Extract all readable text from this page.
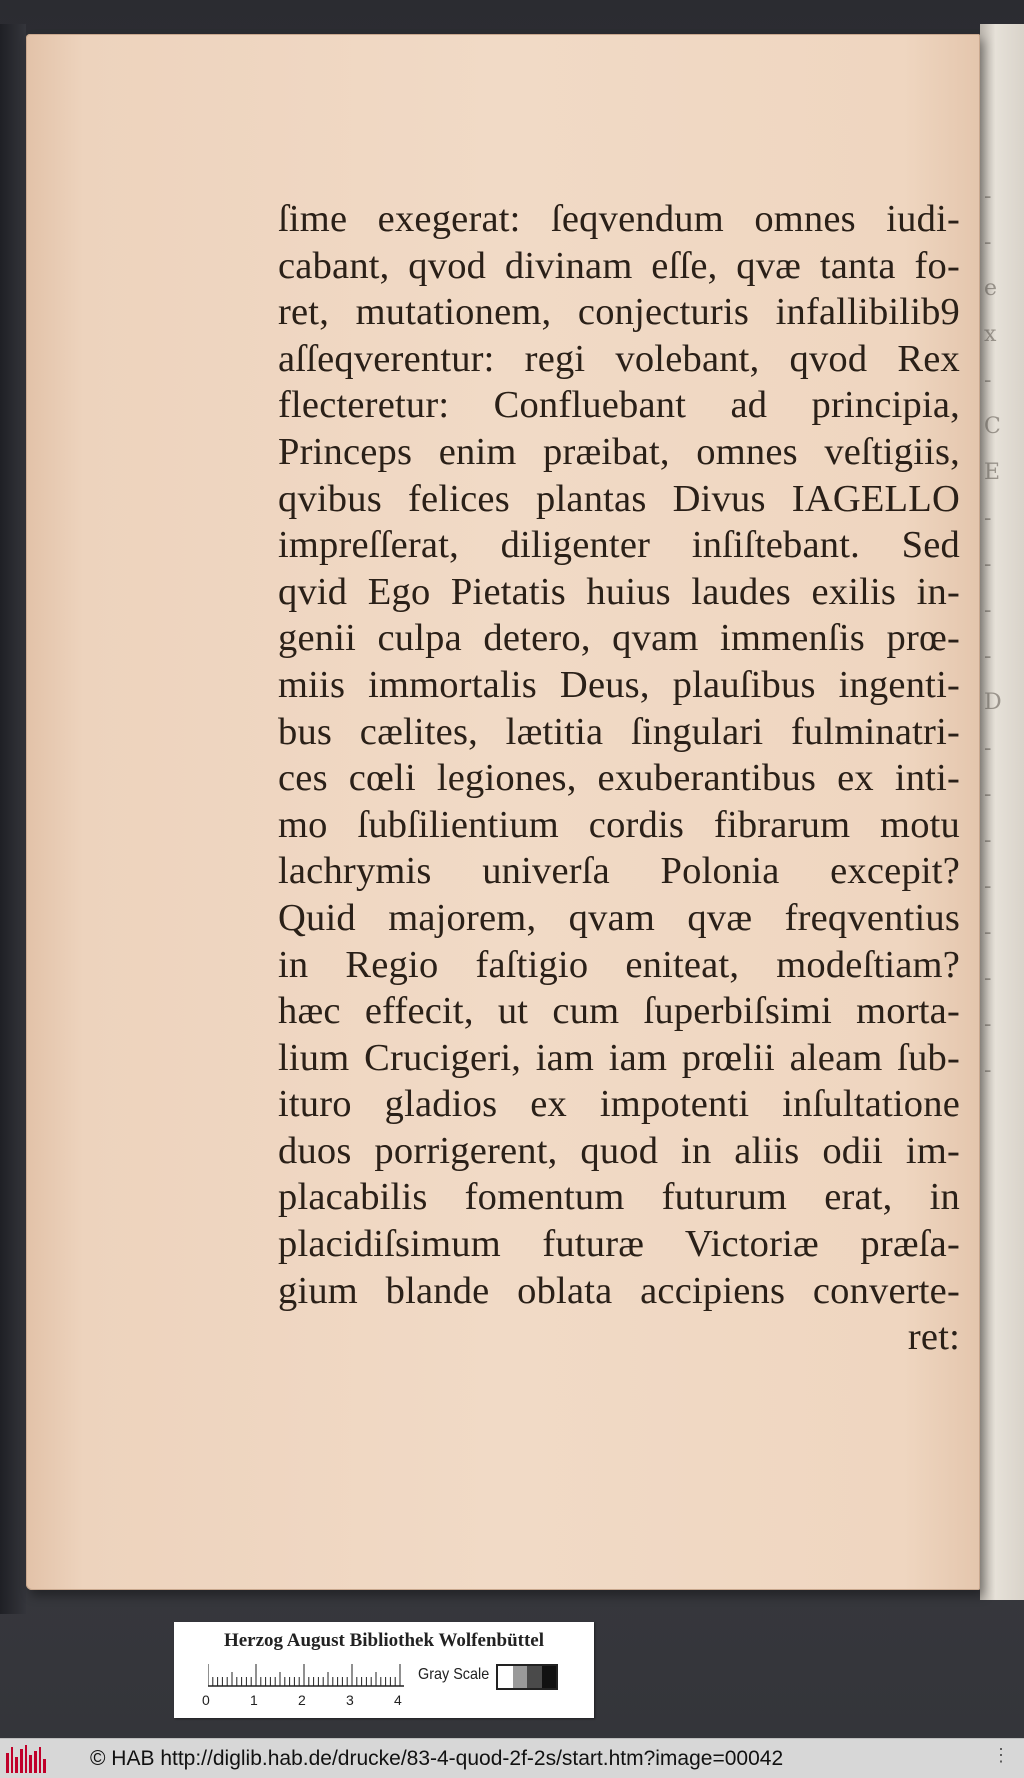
-
-
e
x
-
C
E
-
-
-
-
D
-
-
-
-
-
-
-
-
ſime exegerat: ſeqvendum omnes iudi-
cabant, qvod divinam eſſe, qvæ tanta fo-
ret, mutationem, conjecturis infallibilib9
aſſeqverentur: regi volebant, qvod Rex
flecteretur: Confluebant ad principia,
Princeps enim præibat, omnes veſtigiis,
qvibus felices plantas Divus IAGELLO
impreſſerat, diligenter inſiſtebant. Sed
qvid Ego Pietatis huius laudes exilis in-
genii culpa detero, qvam immenſis prœ-
miis immortalis Deus, plauſibus ingenti-
bus cælites, lætitia ſingulari fulminatri-
ces cœli legiones, exuberantibus ex inti-
mo ſubſilientium cordis fibrarum motu
lachrymis univerſa Polonia excepit?
Quid majorem, qvam qvæ freqventius
in Regio faſtigio eniteat, modeſtiam?
hæc effecit, ut cum ſuperbiſsimi morta-
lium Crucigeri, iam iam prœlii aleam ſub-
ituro gladios ex impotenti inſultatione
duos porrigerent, quod in aliis odii im-
placabilis fomentum futurum erat, in
placidiſsimum futuræ Victoriæ præſa-
gium blande oblata accipiens converte-
ret:
Herzog August Bibliothek Wolfenbüttel
0	1	2	3	4
Gray Scale
© HAB http://diglib.hab.de/drucke/83-4-quod-2f-2s/start.htm?image=00042	⋮
